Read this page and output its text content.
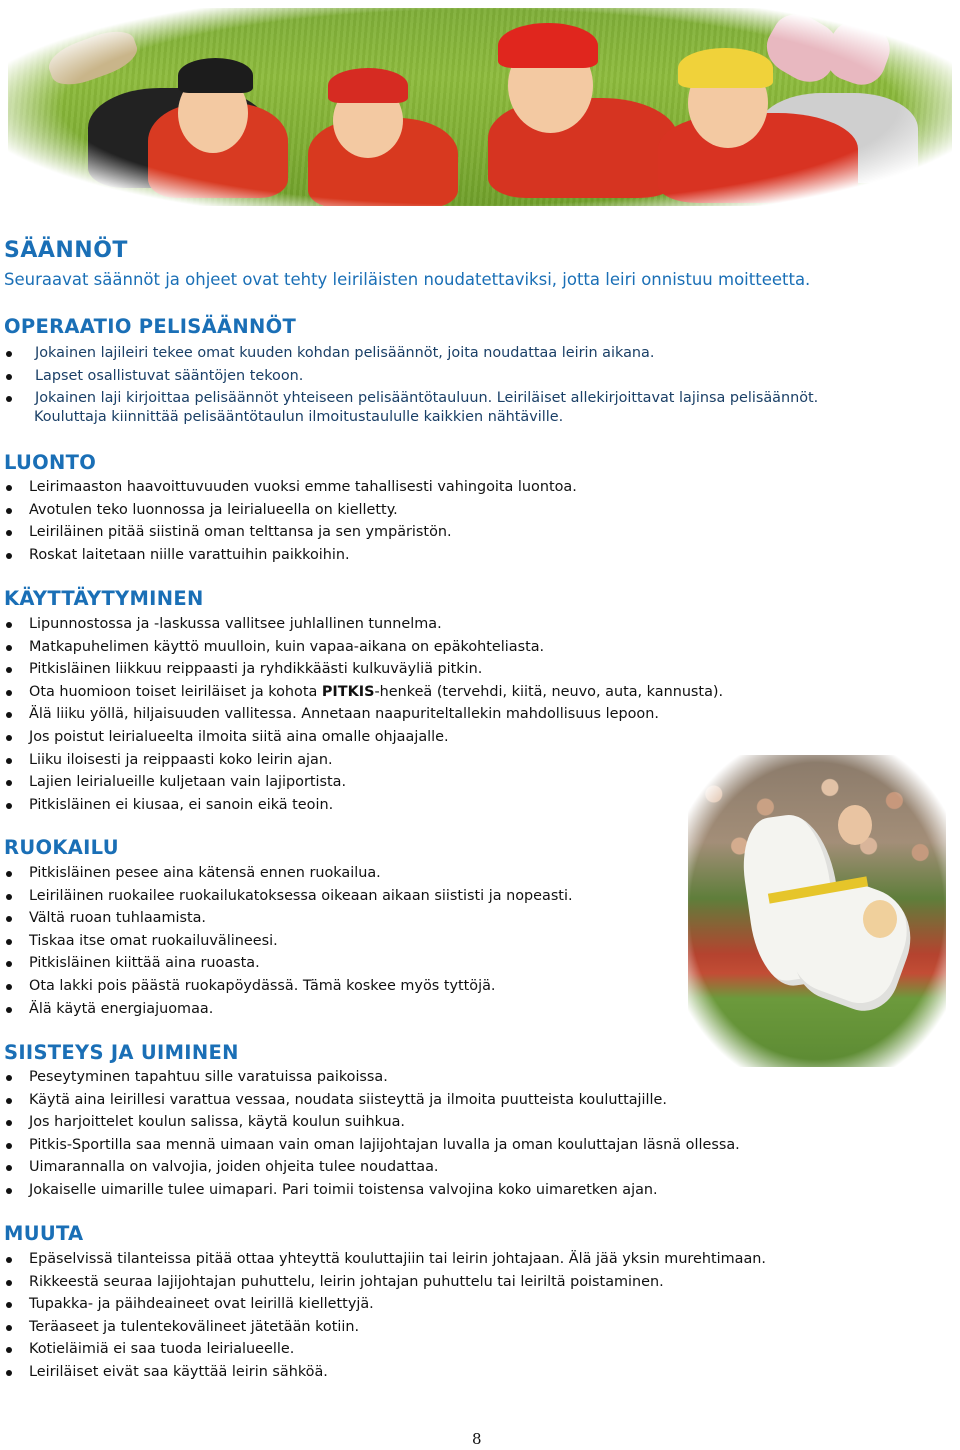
SÄÄNNÖT

Seuraavat säännöt ja ohjeet ovat tehty leiriläisten noudatettaviksi, jotta leiri onnistuu moitteetta.

OPERAATIO PELISÄÄNNÖT
Jokainen lajileiri tekee omat kuuden kohdan pelisäännöt, joita noudattaa leirin aikana.
Lapset osallistuvat sääntöjen tekoon.
Jokainen laji kirjoittaa pelisäännöt yhteiseen pelisääntötauluun. Leiriläiset allekirjoittavat lajinsa pelisäännöt.
Kouluttaja kiinnittää pelisääntötaulun ilmoitustaululle kaikkien nähtäville.
LUONTO
Leirimaaston haavoittuvuuden vuoksi emme tahallisesti vahingoita luontoa.
Avotulen teko luonnossa ja leirialueella on kielletty.
Leiriläinen pitää siistinä oman telttansa ja sen ympäristön.
Roskat laitetaan niille varattuihin paikkoihin.
KÄYTTÄYTYMINEN
Lipunnostossa ja -laskussa vallitsee juhlallinen tunnelma.
Matkapuhelimen käyttö muulloin, kuin vapaa-aikana on epäkohteliasta.
Pitkisläinen liikkuu reippaasti ja ryhdikkäästi kulkuväyliä pitkin.
Ota huomioon toiset leiriläiset ja kohota PITKIS-henkeä (tervehdi, kiitä, neuvo, auta, kannusta).
Älä liiku yöllä, hiljaisuuden vallitessa. Annetaan naapuriteltallekin mahdollisuus lepoon.
Jos poistut leirialueelta ilmoita siitä aina omalle ohjaajalle.
Liiku iloisesti ja reippaasti koko leirin ajan.
Lajien leirialueille kuljetaan vain lajiportista.
Pitkisläinen ei kiusaa, ei sanoin eikä teoin.
RUOKAILU
Pitkisläinen pesee aina kätensä ennen ruokailua.
Leiriläinen ruokailee ruokailukatoksessa oikeaan aikaan siististi ja nopeasti.
Vältä ruoan tuhlaamista.
Tiskaa itse omat ruokailuvälineesi.
Pitkisläinen kiittää aina ruoasta.
Ota lakki pois päästä ruokapöydässä. Tämä koskee myös tyttöjä.
Älä käytä energiajuomaa.
SIISTEYS JA UIMINEN
Peseytyminen tapahtuu sille varatuissa paikoissa.
Käytä aina leirillesi varattua vessaa, noudata siisteyttä ja ilmoita puutteista kouluttajille.
Jos harjoittelet koulun salissa, käytä koulun suihkua.
Pitkis-Sportilla saa mennä uimaan vain oman lajijohtajan luvalla ja oman kouluttajan läsnä ollessa.
Uimarannalla on valvojia, joiden ohjeita tulee noudattaa.
Jokaiselle uimarille tulee uimapari. Pari toimii toistensa valvojina koko uimaretken ajan.
MUUTA
Epäselvissä tilanteissa pitää ottaa yhteyttä kouluttajiin tai leirin johtajaan. Älä jää yksin murehtimaan.
Rikkeestä seuraa lajijohtajan puhuttelu, leirin johtajan puhuttelu tai leiriltä poistaminen.
Tupakka- ja päihdeaineet ovat leirillä kiellettyjä.
Teräaseet ja tulentekovälineet jätetään kotiin.
Kotieläimiä ei saa tuoda leirialueelle.
Leiriläiset eivät saa käyttää leirin sähköä.
8
